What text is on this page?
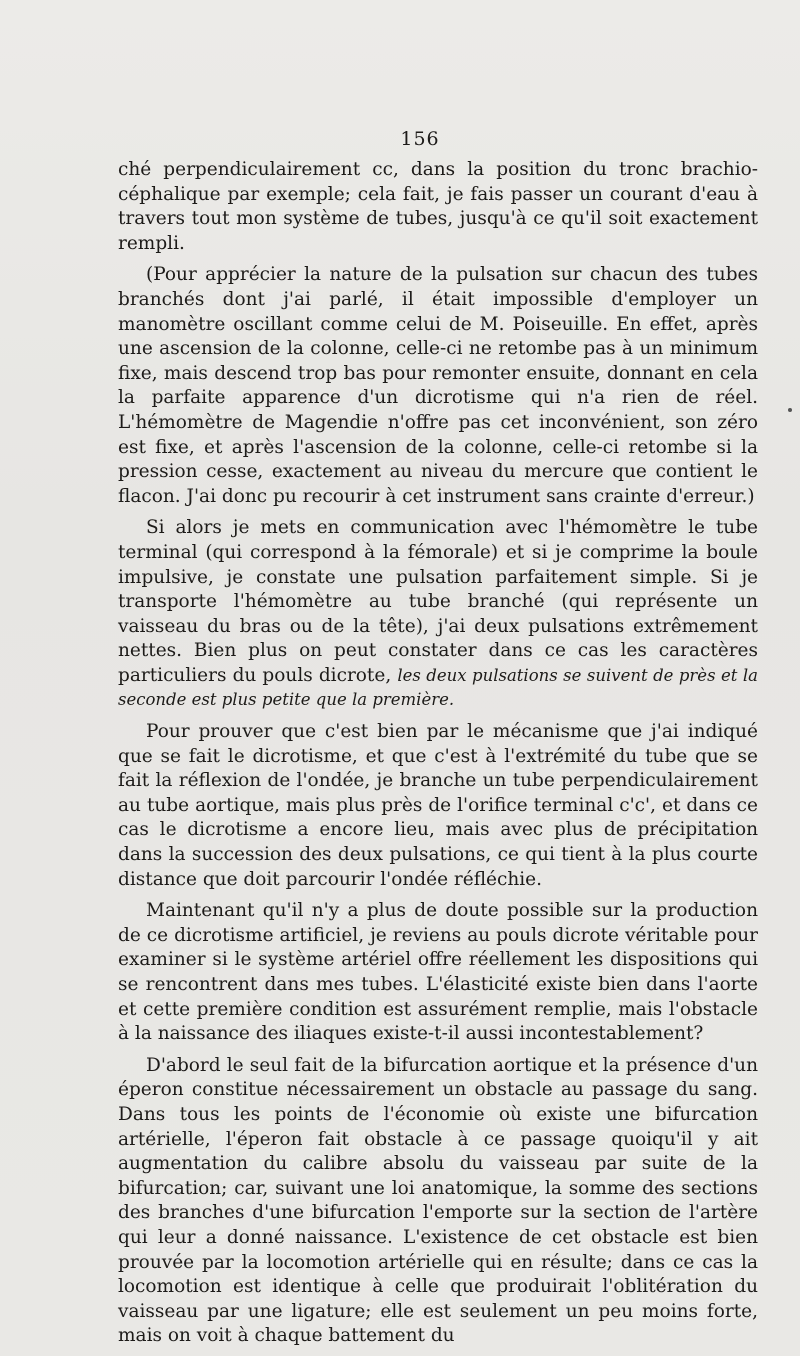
156

ché perpendiculairement cc, dans la position du tronc brachio-céphalique par exemple; cela fait, je fais passer un courant d'eau à travers tout mon système de tubes, jusqu'à ce qu'il soit exactement rempli.

(Pour apprécier la nature de la pulsation sur chacun des tubes branchés dont j'ai parlé, il était impossible d'employer un manomètre oscillant comme celui de M. Poiseuille. En effet, après une ascension de la colonne, celle-ci ne retombe pas à un minimum fixe, mais descend trop bas pour remonter ensuite, donnant en cela la parfaite apparence d'un dicrotisme qui n'a rien de réel. L'hémomètre de Magendie n'offre pas cet inconvénient, son zéro est fixe, et après l'ascension de la colonne, celle-ci retombe si la pression cesse, exactement au niveau du mercure que contient le flacon. J'ai donc pu recourir à cet instrument sans crainte d'erreur.)

Si alors je mets en communication avec l'hémomètre le tube terminal (qui correspond à la fémorale) et si je comprime la boule impulsive, je constate une pulsation parfaitement simple. Si je transporte l'hémomètre au tube branché (qui représente un vaisseau du bras ou de la tête), j'ai deux pulsations extrêmement nettes. Bien plus on peut constater dans ce cas les caractères particuliers du pouls dicrote, les deux pulsations se suivent de près et la seconde est plus petite que la première.

Pour prouver que c'est bien par le mécanisme que j'ai indiqué que se fait le dicrotisme, et que c'est à l'extrémité du tube que se fait la réflexion de l'ondée, je branche un tube perpendiculairement au tube aortique, mais plus près de l'orifice terminal c'c', et dans ce cas le dicrotisme a encore lieu, mais avec plus de précipitation dans la succession des deux pulsations, ce qui tient à la plus courte distance que doit parcourir l'ondée réfléchie.

Maintenant qu'il n'y a plus de doute possible sur la production de ce dicrotisme artificiel, je reviens au pouls dicrote véritable pour examiner si le système artériel offre réellement les dispositions qui se rencontrent dans mes tubes. L'élasticité existe bien dans l'aorte et cette première condition est assurément remplie, mais l'obstacle à la naissance des iliaques existe-t-il aussi incontestablement?

D'abord le seul fait de la bifurcation aortique et la présence d'un éperon constitue nécessairement un obstacle au passage du sang. Dans tous les points de l'économie où existe une bifurcation artérielle, l'éperon fait obstacle à ce passage quoiqu'il y ait augmentation du calibre absolu du vaisseau par suite de la bifurcation; car, suivant une loi anatomique, la somme des sections des branches d'une bifurcation l'emporte sur la section de l'artère qui leur a donné naissance. L'existence de cet obstacle est bien prouvée par la locomotion artérielle qui en résulte; dans ce cas la locomotion est identique à celle que produirait l'oblitération du vaisseau par une ligature; elle est seulement un peu moins forte, mais on voit à chaque battement du
